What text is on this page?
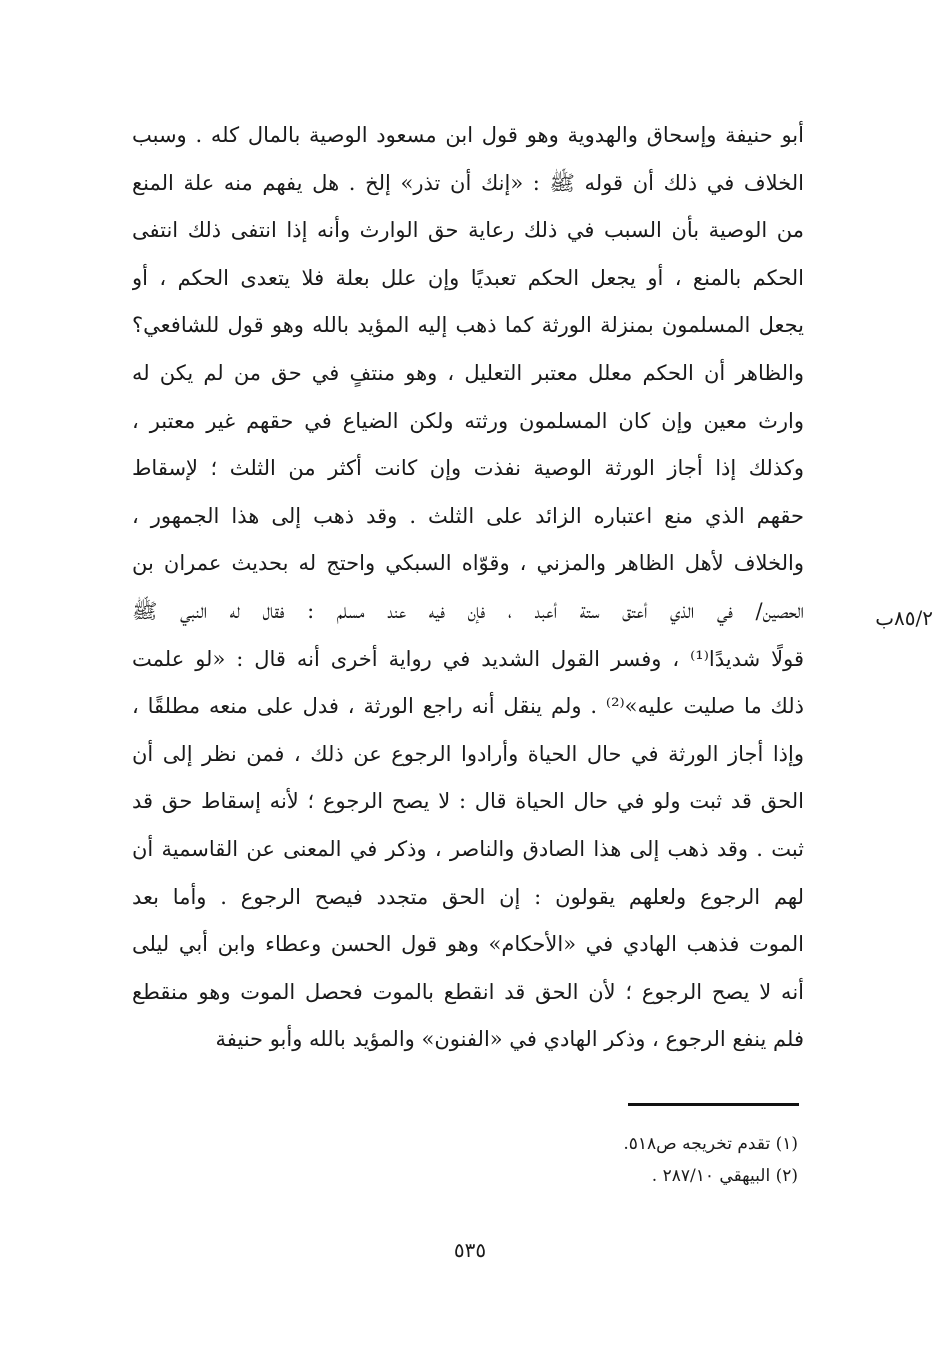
أبو حنيفة وإسحاق والهدوية وهو قول ابن مسعود الوصية بالمال كله . وسبب
الخلاف في ذلك أن قوله ﷺ : «إنك أن تذر» إلخ . هل يفهم منه علة المنع
من الوصية بأن السبب في ذلك رعاية حق الوارث وأنه إذا انتفى ذلك انتفى
الحكم بالمنع ، أو يجعل الحكم تعبديًا وإن علل بعلة فلا يتعدى الحكم ، أو
يجعل المسلمون بمنزلة الورثة كما ذهب إليه المؤيد بالله وهو قول للشافعي؟
والظاهر أن الحكم معلل معتبر التعليل ، وهو منتفٍ في حق من لم يكن له
وارث معين وإن كان المسلمون ورثته ولكن الضياع في حقهم غير معتبر ،
وكذلك إذا أجاز الورثة الوصية نفذت وإن كانت أكثر من الثلث ؛ لإسقاط
حقهم الذي منع اعتباره الزائد على الثلث . وقد ذهب إلى هذا الجمهور ،
والخلاف لأهل الظاهر والمزني ، وقوّاه السبكي واحتج له بحديث عمران بن
الحصين/ في الذي أعتق ستة أعبد ، فإن فيه عند مسلم : فقال له النبي ﷺ
قولًا شديدًا⁽¹⁾ ، وفسر القول الشديد في رواية أخرى أنه قال : «لو علمت
ذلك ما صليت عليه»⁽²⁾ . ولم ينقل أنه راجع الورثة ، فدل على منعه مطلقًا ،
وإذا أجاز الورثة في حال الحياة وأرادوا الرجوع عن ذلك ، فمن نظر إلى أن
الحق قد ثبت ولو في حال الحياة قال : لا يصح الرجوع ؛ لأنه إسقاط حق قد
ثبت . وقد ذهب إلى هذا الصادق والناصر ، وذكر في المعنى عن القاسمية أن
لهم الرجوع ولعلهم يقولون : إن الحق متجدد فيصح الرجوع . وأما بعد
الموت فذهب الهادي في «الأحكام» وهو قول الحسن وعطاء وابن أبي ليلى
أنه لا يصح الرجوع ؛ لأن الحق قد انقطع بالموت فحصل الموت وهو منقطع
فلم ينفع الرجوع ، وذكر الهادي في «الفنون» والمؤيد بالله وأبو حنيفة
٨٥/٢ب
(١) تقدم تخريجه ص٥١٨.
(٢) البيهقي ٢٨٧/١٠ .
٥٣٥
